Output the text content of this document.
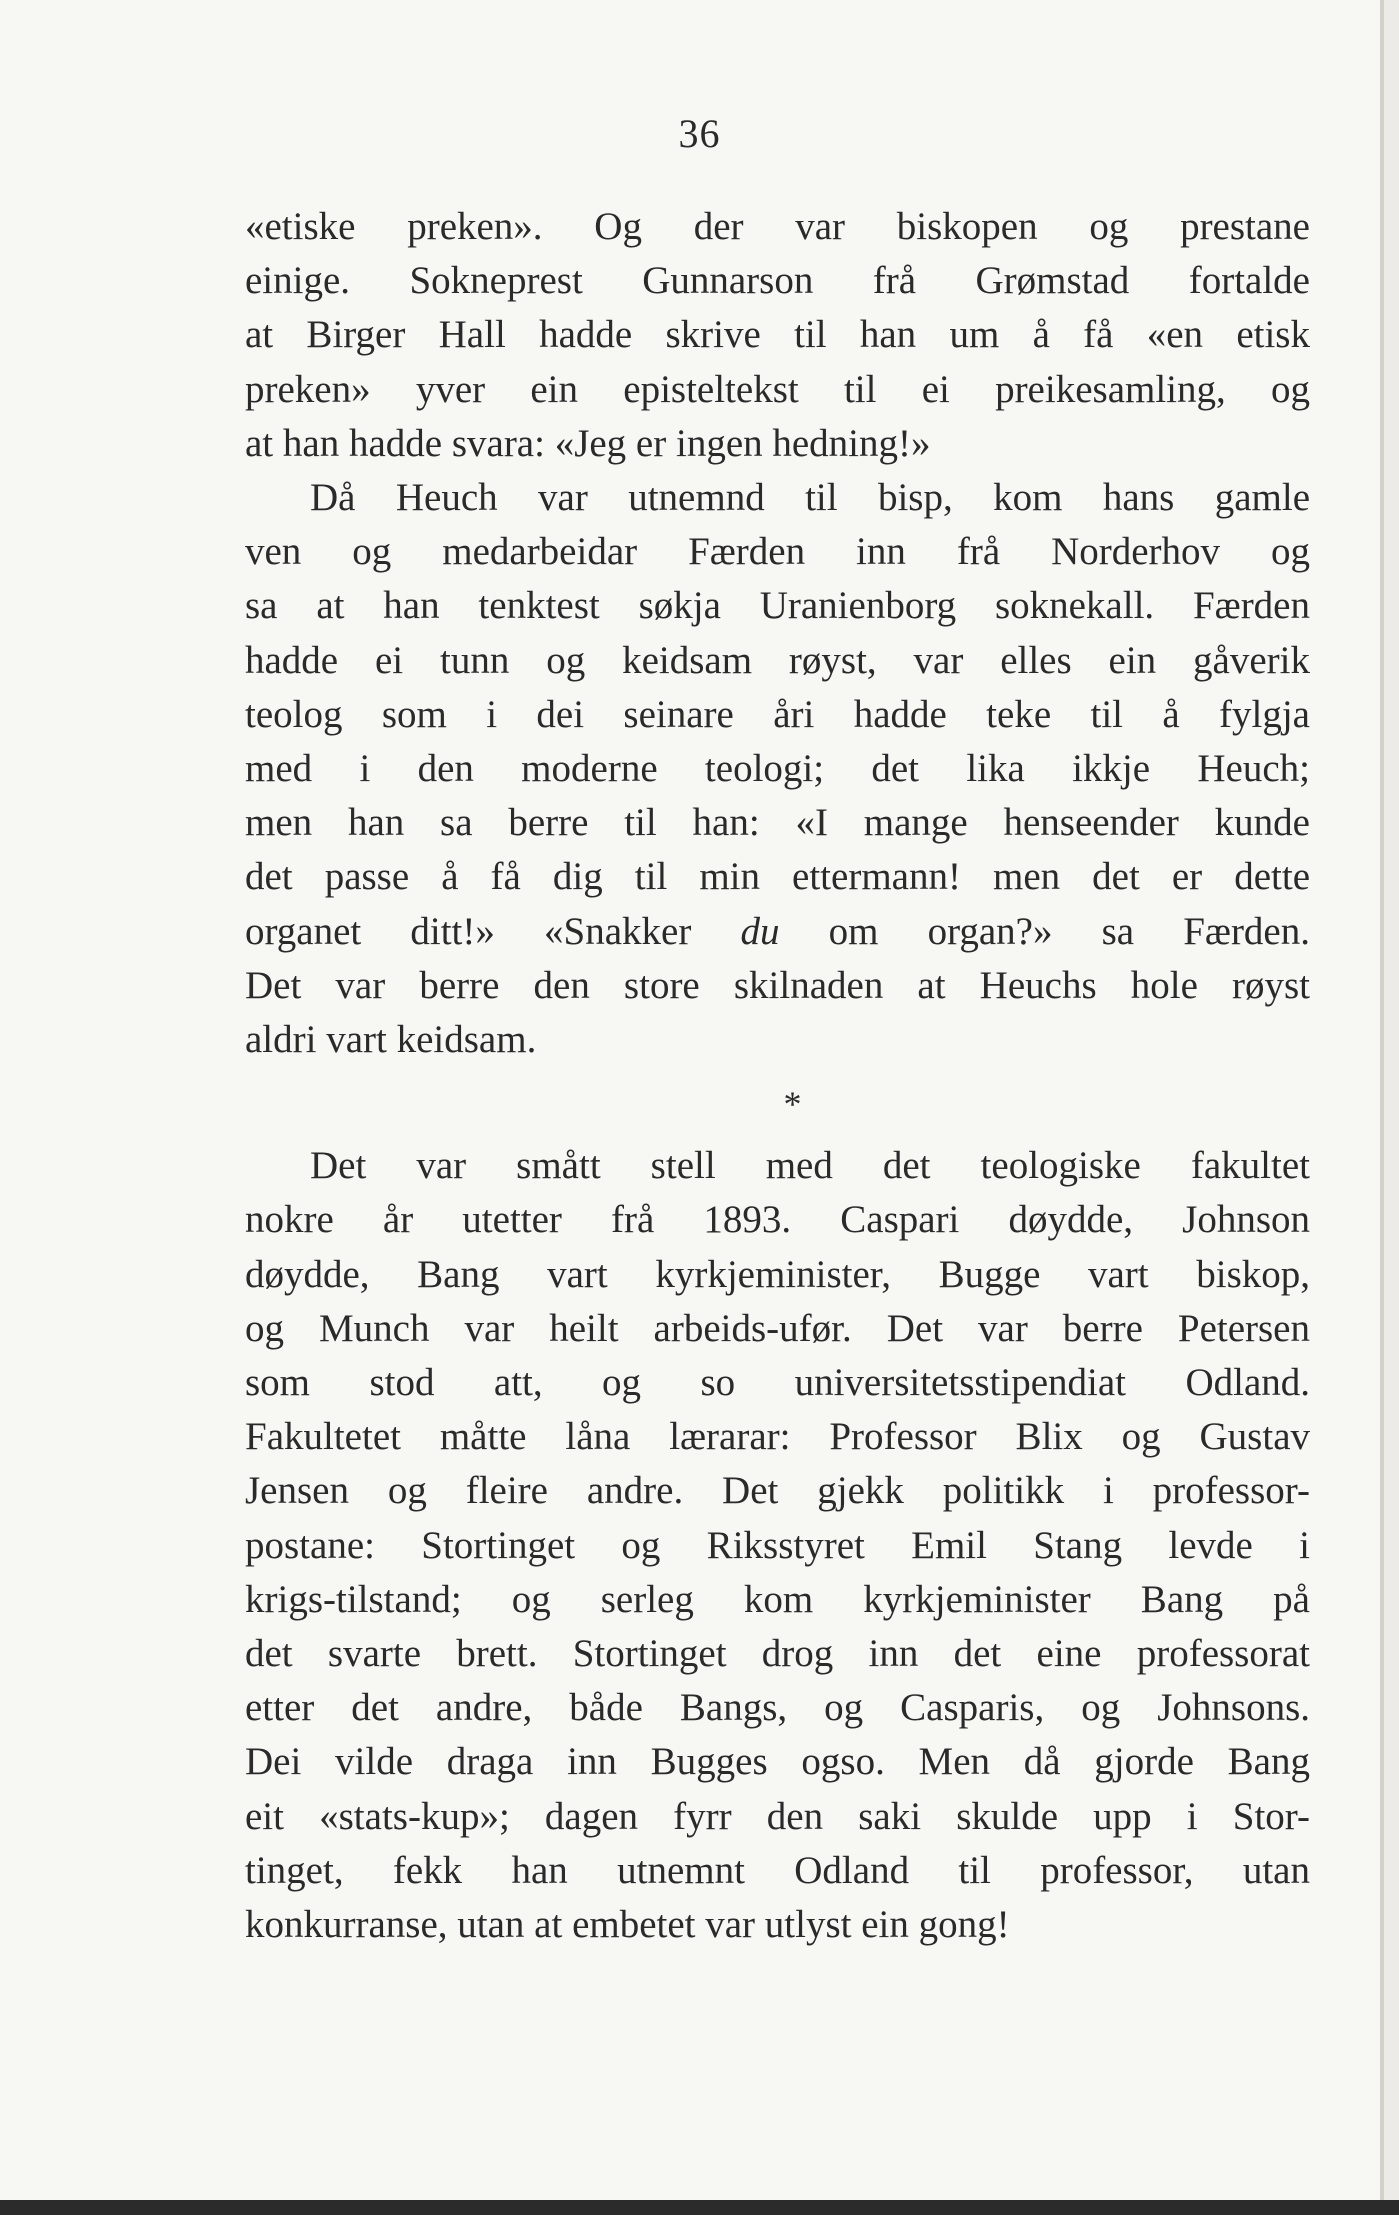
36

«etiske preken». Og der var biskopen og prestane
einige. Sokneprest Gunnarson frå Grømstad fortalde
at Birger Hall hadde skrive til han um å få «en etisk
preken» yver ein episteltekst til ei preikesamling, og
at han hadde svara: «Jeg er ingen hedning!»

Då Heuch var utnemnd til bisp, kom hans gamle
ven og medarbeidar Færden inn frå Norderhov og
sa at han tenktest søkja Uranienborg soknekall. Færden
hadde ei tunn og keidsam røyst, var elles ein gåverik
teolog som i dei seinare åri hadde teke til å fylgja
med i den moderne teologi; det lika ikkje Heuch;
men han sa berre til han: «I mange henseender kunde
det passe å få dig til min ettermann! men det er dette
organet ditt!» «Snakker du om organ?» sa Færden.
Det var berre den store skilnaden at Heuchs hole røyst
aldri vart keidsam.

*

Det var smått stell med det teologiske fakultet
nokre år utetter frå 1893. Caspari døydde, Johnson
døydde, Bang vart kyrkjeminister, Bugge vart biskop,
og Munch var heilt arbeids-ufør. Det var berre Petersen
som stod att, og so universitetsstipendiat Odland.
Fakultetet måtte låna lærarar: Professor Blix og Gustav
Jensen og fleire andre. Det gjekk politikk i professor-
postane: Stortinget og Riksstyret Emil Stang levde i
krigs-tilstand; og serleg kom kyrkjeminister Bang på
det svarte brett. Stortinget drog inn det eine professorat
etter det andre, både Bangs, og Casparis, og Johnsons.
Dei vilde draga inn Bugges ogso. Men då gjorde Bang
eit «stats-kup»; dagen fyrr den saki skulde upp i Stor-
tinget, fekk han utnemnt Odland til professor, utan
konkurranse, utan at embetet var utlyst ein gong!
